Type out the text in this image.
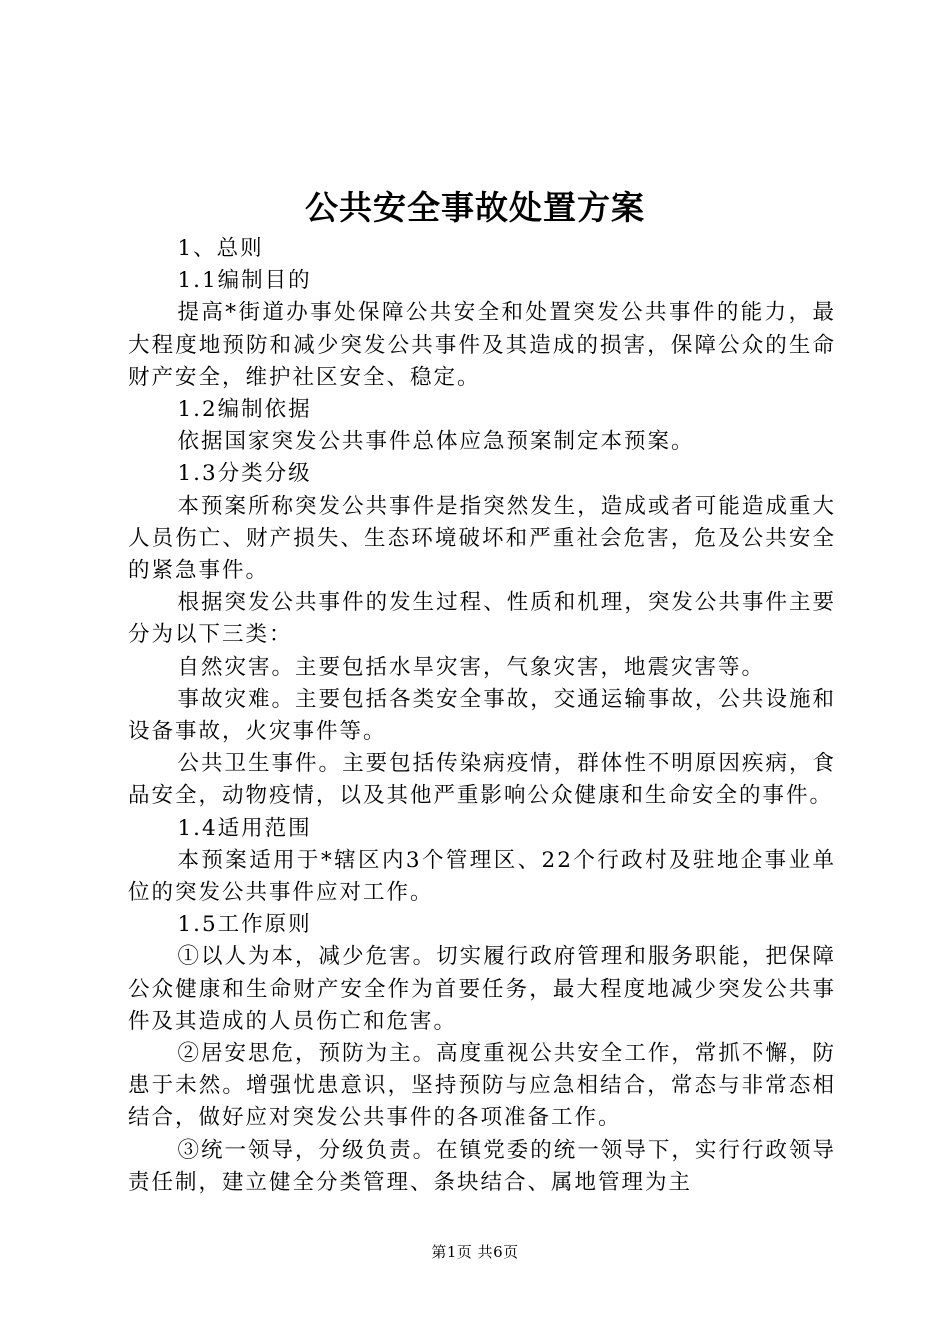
公共安全事故处置方案

1、总则

1.1编制目的

提高*街道办事处保障公共安全和处置突发公共事件的能力，最大程度地预防和减少突发公共事件及其造成的损害，保障公众的生命财产安全，维护社区安全、稳定。

1.2编制依据

依据国家突发公共事件总体应急预案制定本预案。

1.3分类分级

本预案所称突发公共事件是指突然发生，造成或者可能造成重大人员伤亡、财产损失、生态环境破坏和严重社会危害，危及公共安全的紧急事件。

根据突发公共事件的发生过程、性质和机理，突发公共事件主要分为以下三类：

自然灾害。主要包括水旱灾害，气象灾害，地震灾害等。

事故灾难。主要包括各类安全事故，交通运输事故，公共设施和设备事故，火灾事件等。

公共卫生事件。主要包括传染病疫情，群体性不明原因疾病，食品安全，动物疫情，以及其他严重影响公众健康和生命安全的事件。

1.4适用范围

本预案适用于*辖区内3个管理区、22个行政村及驻地企事业单位的突发公共事件应对工作。

1.5工作原则

①以人为本，减少危害。切实履行政府管理和服务职能，把保障公众健康和生命财产安全作为首要任务，最大程度地减少突发公共事件及其造成的人员伤亡和危害。

②居安思危，预防为主。高度重视公共安全工作，常抓不懈，防患于未然。增强忧患意识，坚持预防与应急相结合，常态与非常态相结合，做好应对突发公共事件的各项准备工作。

③统一领导，分级负责。在镇党委的统一领导下，实行行政领导责任制，建立健全分类管理、条块结合、属地管理为主

第1页 共6页
